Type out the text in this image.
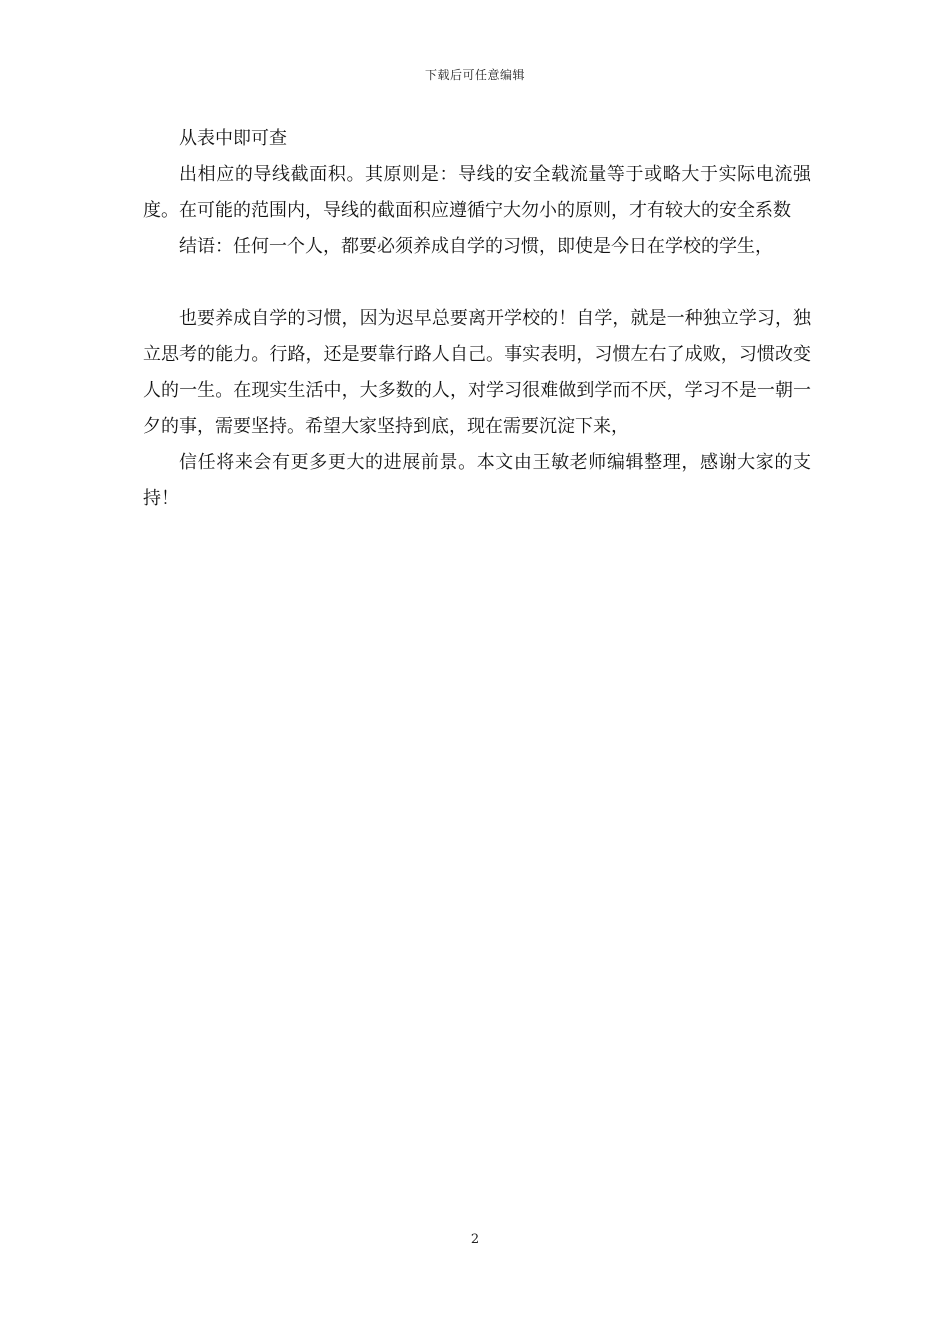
下载后可任意编辑

从表中即可查

出相应的导线截面积。其原则是：导线的安全载流量等于或略大于实际电流强度。在可能的范围内，导线的截面积应遵循宁大勿小的原则，才有较大的安全系数

结语：任何一个人，都要必须养成自学的习惯，即使是今日在学校的学生，

也要养成自学的习惯，因为迟早总要离开学校的！自学，就是一种独立学习，独立思考的能力。行路，还是要靠行路人自己。事实表明，习惯左右了成败，习惯改变人的一生。在现实生活中，大多数的人，对学习很难做到学而不厌，学习不是一朝一夕的事，需要坚持。希望大家坚持到底，现在需要沉淀下来，

信任将来会有更多更大的进展前景。本文由王敏老师编辑整理，感谢大家的支持！

2
